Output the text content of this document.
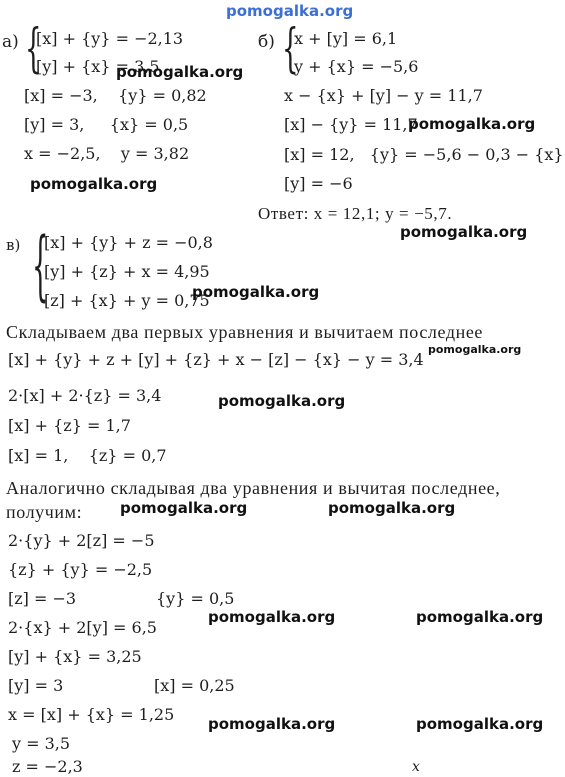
pomogalka.org
а) {
[x] + {y} = −2,13
[y] + {x} = 3,5
pomogalka.org
[x] = −3,    {y} = 0,82
[y] = 3,     {x} = 0,5
x = −2,5,    y = 3,82
pomogalka.org
б) {
x + [y] = 6,1
y + {x} = −5,6
x − {x} + [y] − y = 11,7
[x] − {y} = 11,7
pomogalka.org
[x] = 12,   {y} = −5,6 − 0,3 − {x}
[y] = −6
Ответ: x = 12,1; y = −5,7.
pomogalka.org
в) {
[x] + {y} + z = −0,8
[y] + {z} + x = 4,95
[z] + {x} + y = 0,75
pomogalka.org
Складываем два первых уравнения и вычитаем последнее
[x] + {y} + z + [y] + {z} + x − [z] − {x} − y = 3,4
pomogalka.org
2·[x] + 2·{z} = 3,4	pomogalka.org
[x] + {z} = 1,7
[x] = 1,    {z} = 0,7
Аналогично складывая два уравнения и вычитая последнее,
получим:	pomogalka.org	pomogalka.org
2·{y} + 2[z] = −5
{z} + {y} = −2,5
[z] = −3	{y} = 0,5
2·{x} + 2[y] = 6,5
pomogalka.org	pomogalka.org
[y] + {x} = 3,25
[y] = 3	[x] = 0,25
x = [x] + {x} = 1,25 pomogalka.org	pomogalka.org
y = 3,5
z = −2,3	x
